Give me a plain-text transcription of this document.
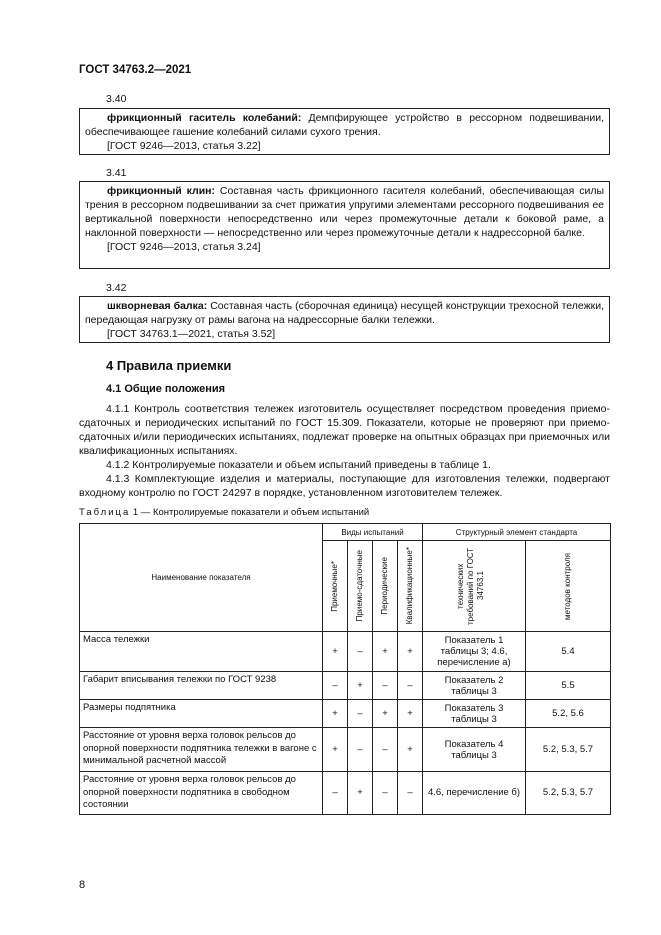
ГОСТ 34763.2—2021
3.40

фрикционный гаситель колебаний: Демпфирующее устройство в рессорном подвешивании, обеспечивающее гашение колебаний силами сухого трения.

[ГОСТ 9246—2013, статья 3.22]

3.41

фрикционный клин: Составная часть фрикционного гасителя колебаний, обеспечивающая силы трения в рессорном подвешивании за счет прижатия упругими элементами рессорного подвешивания ее вертикальной поверхности непосредственно или через промежуточные детали к боковой раме, а наклонной поверхности — непосредственно или через промежуточные детали к надрессорной балке.

[ГОСТ 9246—2013, статья 3.24]

3.42

шкворневая балка: Составная часть (сборочная единица) несущей конструкции трехосной тележки, передающая нагрузку от рамы вагона на надрессорные балки тележки.

[ГОСТ 34763.1—2021, статья 3.52]

4 Правила приемки
4.1 Общие положения

4.1.1 Контроль соответствия тележек изготовитель осуществляет посредством проведения приемо-сдаточных и периодических испытаний по ГОСТ 15.309. Показатели, которые не проверяют при приемо-сдаточных и/или периодических испытаниях, подлежат проверке на опытных образцах при приемочных или квалификационных испытаниях.

4.1.2 Контролируемые показатели и объем испытаний приведены в таблице 1.

4.1.3 Комплектующие изделия и материалы, поступающие для изготовления тележки, подвергают входному контролю по ГОСТ 24297 в порядке, установленном изготовителем тележек.

Таблица 1 — Контролируемые показатели и объем испытаний
Наименование показателя	Виды испытаний				Структурный элемент стандарта	

	Приемочные*	Приемо-сдаточные	Периодические	Квалификационные*	технических требований по ГОСТ 34763.1	методов контроля

Масса тележки	+	–	+	+	Показатель 1 таблицы 3; 4.6, перечисление а)	5.4
Габарит вписывания тележки по ГОСТ 9238	–	+	–	–	Показатель 2 таблицы 3	5.5
Размеры подпятника	+	–	+	+	Показатель 3 таблицы 3	5.2, 5.6
Расстояние от уровня верха головок рельсов до опорной поверхности подпятника тележки в вагоне с минимальной расчетной массой	+	–	–	+	Показатель 4 таблицы 3	5.2, 5.3, 5.7
Расстояние от уровня верха головок рельсов до опорной поверхности подпятника в свободном состоянии	–	+	–	–	4.6, перечисление б)	5.2, 5.3, 5.7
8
